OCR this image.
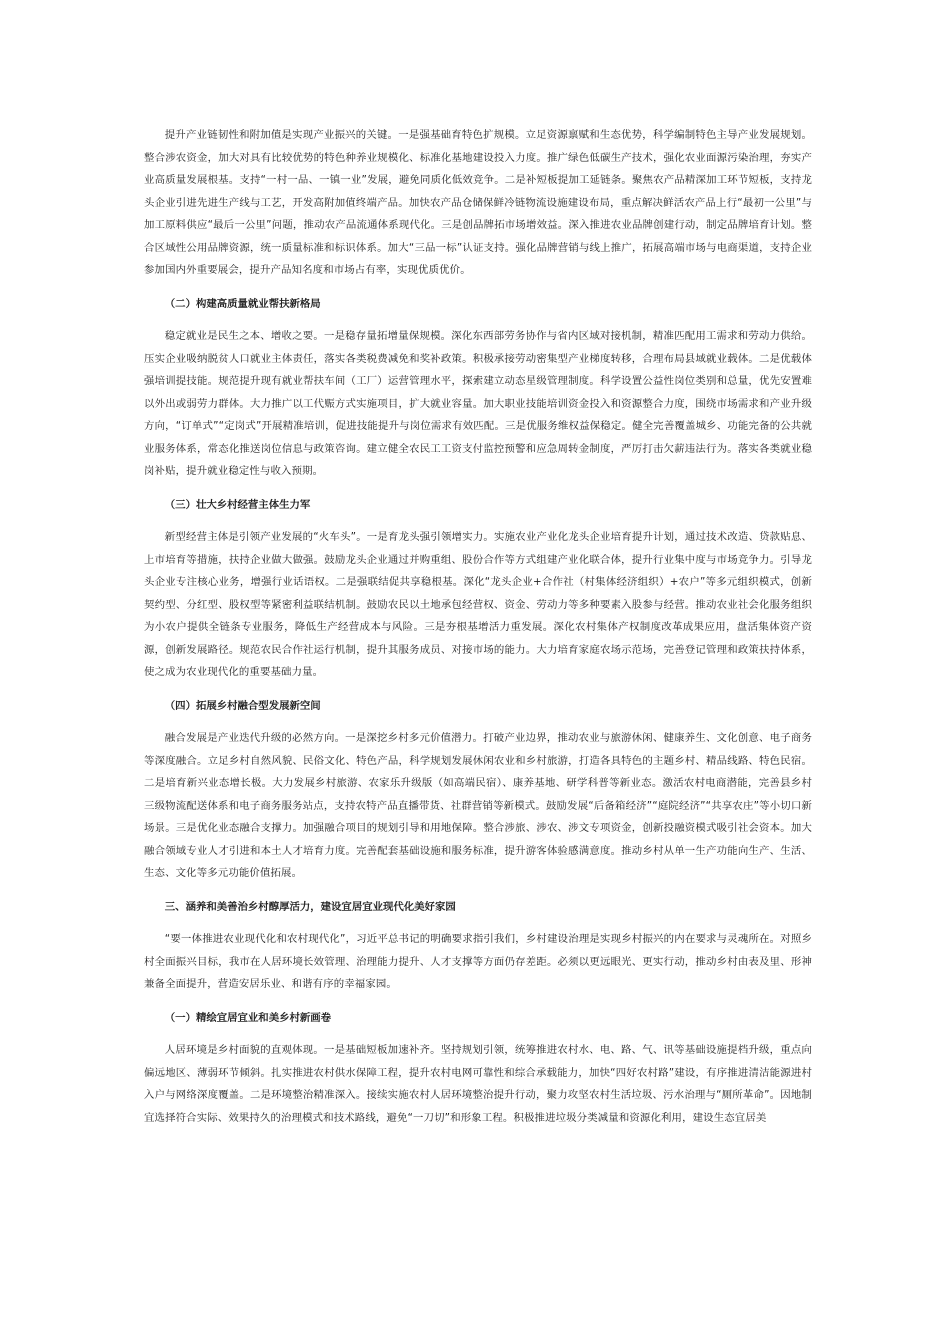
提升产业链韧性和附加值是实现产业振兴的关键。一是强基础育特色扩规模。立足资源禀赋和生态优势，科学编制特色主导产业发展规划。整合涉农资金，加大对具有比较优势的特色种养业规模化、标准化基地建设投入力度。推广绿色低碳生产技术，强化农业面源污染治理，夯实产业高质量发展根基。支持“一村一品、一镇一业”发展，避免同质化低效竞争。二是补短板提加工延链条。聚焦农产品精深加工环节短板，支持龙头企业引进先进生产线与工艺，开发高附加值终端产品。加快农产品仓储保鲜冷链物流设施建设布局，重点解决鲜活农产品上行“最初一公里”与加工原料供应“最后一公里”问题，推动农产品流通体系现代化。三是创品牌拓市场增效益。深入推进农业品牌创建行动，制定品牌培育计划。整合区域性公用品牌资源，统一质量标准和标识体系。加大“三品一标”认证支持。强化品牌营销与线上推广，拓展高端市场与电商渠道，支持企业参加国内外重要展会，提升产品知名度和市场占有率，实现优质优价。

（二）构建高质量就业帮扶新格局

稳定就业是民生之本、增收之要。一是稳存量拓增量保规模。深化东西部劳务协作与省内区域对接机制，精准匹配用工需求和劳动力供给。压实企业吸纳脱贫人口就业主体责任，落实各类税费减免和奖补政策。积极承接劳动密集型产业梯度转移，合理布局县域就业载体。二是优载体强培训提技能。规范提升现有就业帮扶车间（工厂）运营管理水平，探索建立动态星级管理制度。科学设置公益性岗位类别和总量，优先安置难以外出或弱劳力群体。大力推广以工代赈方式实施项目，扩大就业容量。加大职业技能培训资金投入和资源整合力度，围绕市场需求和产业升级方向，“订单式”“定岗式”开展精准培训，促进技能提升与岗位需求有效匹配。三是优服务维权益保稳定。健全完善覆盖城乡、功能完备的公共就业服务体系，常态化推送岗位信息与政策咨询。建立健全农民工工资支付监控预警和应急周转金制度，严厉打击欠薪违法行为。落实各类就业稳岗补贴，提升就业稳定性与收入预期。

（三）壮大乡村经营主体生力军

新型经营主体是引领产业发展的“火车头”。一是育龙头强引领增实力。实施农业产业化龙头企业培育提升计划，通过技术改造、贷款贴息、上市培育等措施，扶持企业做大做强。鼓励龙头企业通过并购重组、股份合作等方式组建产业化联合体，提升行业集中度与市场竞争力。引导龙头企业专注核心业务，增强行业话语权。二是强联结促共享稳根基。深化“龙头企业+合作社（村集体经济组织）+农户”等多元组织模式，创新契约型、分红型、股权型等紧密利益联结机制。鼓励农民以土地承包经营权、资金、劳动力等多种要素入股参与经营。推动农业社会化服务组织为小农户提供全链条专业服务，降低生产经营成本与风险。三是夯根基增活力重发展。深化农村集体产权制度改革成果应用，盘活集体资产资源，创新发展路径。规范农民合作社运行机制，提升其服务成员、对接市场的能力。大力培育家庭农场示范场，完善登记管理和政策扶持体系，使之成为农业现代化的重要基础力量。

（四）拓展乡村融合型发展新空间

融合发展是产业迭代升级的必然方向。一是深挖乡村多元价值潜力。打破产业边界，推动农业与旅游休闲、健康养生、文化创意、电子商务等深度融合。立足乡村自然风貌、民俗文化、特色产品，科学规划发展休闲农业和乡村旅游，打造各具特色的主题乡村、精品线路、特色民宿。二是培育新兴业态增长极。大力发展乡村旅游、农家乐升级版（如高端民宿）、康养基地、研学科普等新业态。激活农村电商潜能，完善县乡村三级物流配送体系和电子商务服务站点，支持农特产品直播带货、社群营销等新模式。鼓励发展“后备箱经济”“庭院经济”“共享农庄”等小切口新场景。三是优化业态融合支撑力。加强融合项目的规划引导和用地保障。整合涉旅、涉农、涉文专项资金，创新投融资模式吸引社会资本。加大融合领域专业人才引进和本土人才培育力度。完善配套基础设施和服务标准，提升游客体验感满意度。推动乡村从单一生产功能向生产、生活、生态、文化等多元功能价值拓展。

三、涵养和美善治乡村醇厚活力，建设宜居宜业现代化美好家园

“要一体推进农业现代化和农村现代化”，习近平总书记的明确要求指引我们，乡村建设治理是实现乡村振兴的内在要求与灵魂所在。对照乡村全面振兴目标，我市在人居环境长效管理、治理能力提升、人才支撑等方面仍存差距。必须以更远眼光、更实行动，推动乡村由表及里、形神兼备全面提升，营造安居乐业、和谐有序的幸福家园。

（一）精绘宜居宜业和美乡村新画卷

人居环境是乡村面貌的直观体现。一是基础短板加速补齐。坚持规划引领，统筹推进农村水、电、路、气、讯等基础设施提档升级，重点向偏远地区、薄弱环节倾斜。扎实推进农村供水保障工程，提升农村电网可靠性和综合承载能力，加快“四好农村路”建设，有序推进清洁能源进村入户与网络深度覆盖。二是环境整治精准深入。接续实施农村人居环境整治提升行动，聚力攻坚农村生活垃圾、污水治理与“厕所革命”。因地制宜选择符合实际、效果持久的治理模式和技术路线，避免“一刀切”和形象工程。积极推进垃圾分类减量和资源化利用，建设生态宜居美
